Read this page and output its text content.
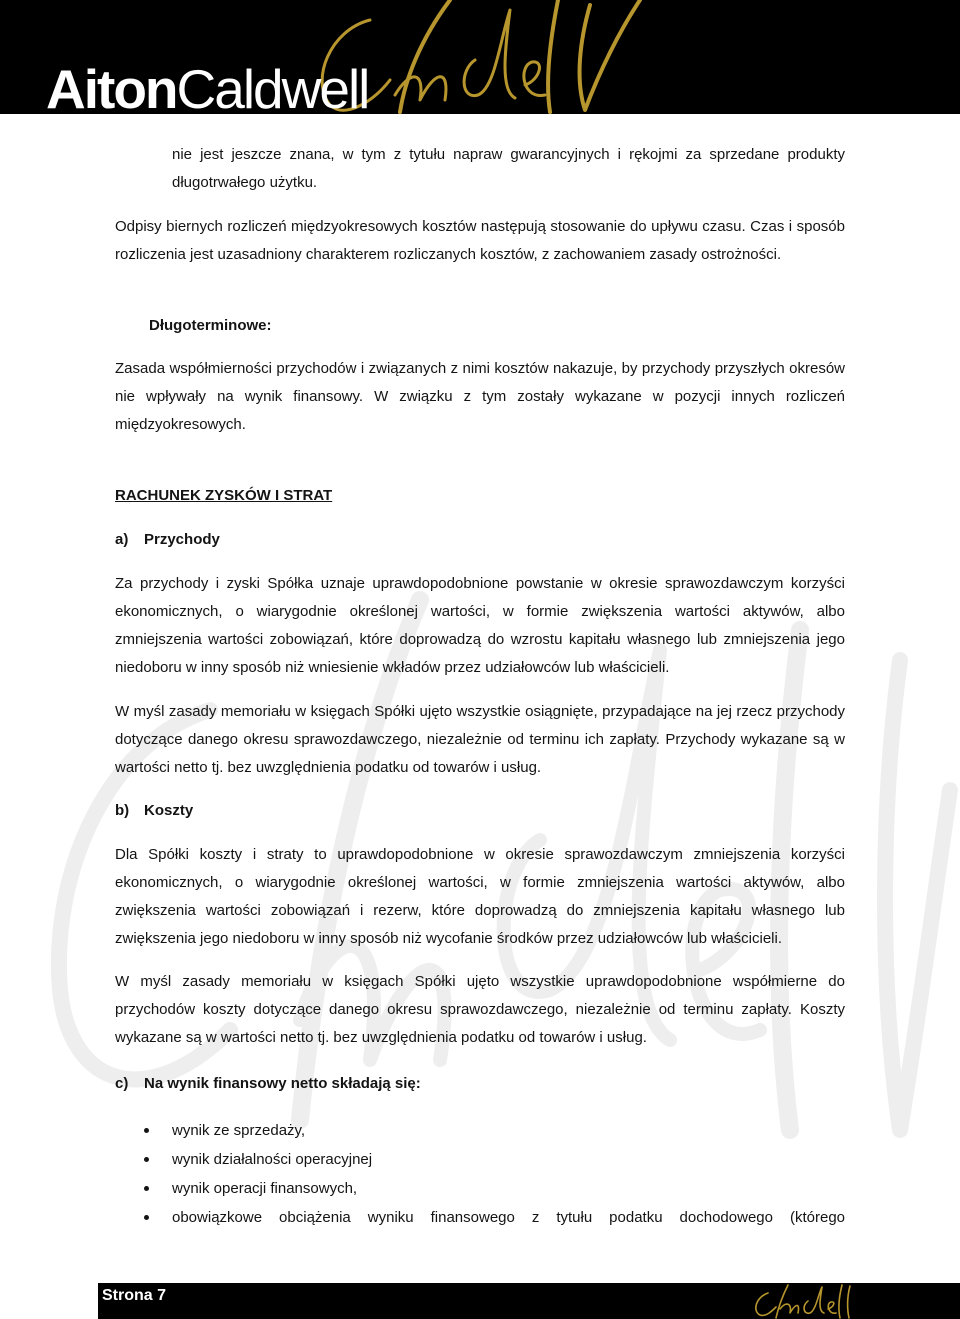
AitonCaldwell

nie jest jeszcze znana, w tym z tytułu napraw gwarancyjnych i rękojmi za sprzedane produkty długotrwałego użytku.

Odpisy biernych rozliczeń międzyokresowych kosztów następują stosowanie do upływu czasu. Czas i sposób rozliczenia jest uzasadniony charakterem rozliczanych kosztów, z zachowaniem zasady ostrożności.

Długoterminowe:

Zasada współmierności przychodów i związanych z nimi kosztów nakazuje, by przychody przyszłych okresów nie wpływały na wynik finansowy. W związku z tym zostały wykazane w pozycji innych rozliczeń międzyokresowych.

RACHUNEK ZYSKÓW I STRAT

a) Przychody

Za przychody i zyski Spółka uznaje uprawdopodobnione powstanie w okresie sprawozdawczym korzyści ekonomicznych, o wiarygodnie określonej wartości, w formie zwiększenia wartości aktywów, albo zmniejszenia wartości zobowiązań, które doprowadzą do wzrostu kapitału własnego lub zmniejszenia jego niedoboru w inny sposób niż wniesienie wkładów przez udziałowców lub właścicieli.

W myśl zasady memoriału w księgach Spółki ujęto wszystkie osiągnięte, przypadające na jej rzecz przychody dotyczące danego okresu sprawozdawczego, niezależnie od terminu ich zapłaty. Przychody wykazane są w wartości netto tj. bez uwzględnienia podatku od towarów i usług.

b) Koszty

Dla Spółki koszty i straty to uprawdopodobnione w okresie sprawozdawczym zmniejszenia korzyści ekonomicznych, o wiarygodnie określonej wartości, w formie zmniejszenia wartości aktywów, albo zwiększenia wartości zobowiązań i rezerw, które doprowadzą do zmniejszenia kapitału własnego lub zwiększenia jego niedoboru w inny sposób niż wycofanie środków przez udziałowców lub właścicieli.

W myśl zasady memoriału w księgach Spółki ujęto wszystkie uprawdopodobnione współmierne do przychodów koszty dotyczące danego okresu sprawozdawczego, niezależnie od terminu zapłaty. Koszty wykazane są w wartości netto tj. bez uwzględnienia podatku od towarów i usług.

c) Na wynik finansowy netto składają się:

wynik ze sprzedaży,
wynik działalności operacyjnej
wynik operacji finansowych,
obowiązkowe obciążenia wyniku finansowego z tytułu podatku dochodowego (którego

Strona 7
